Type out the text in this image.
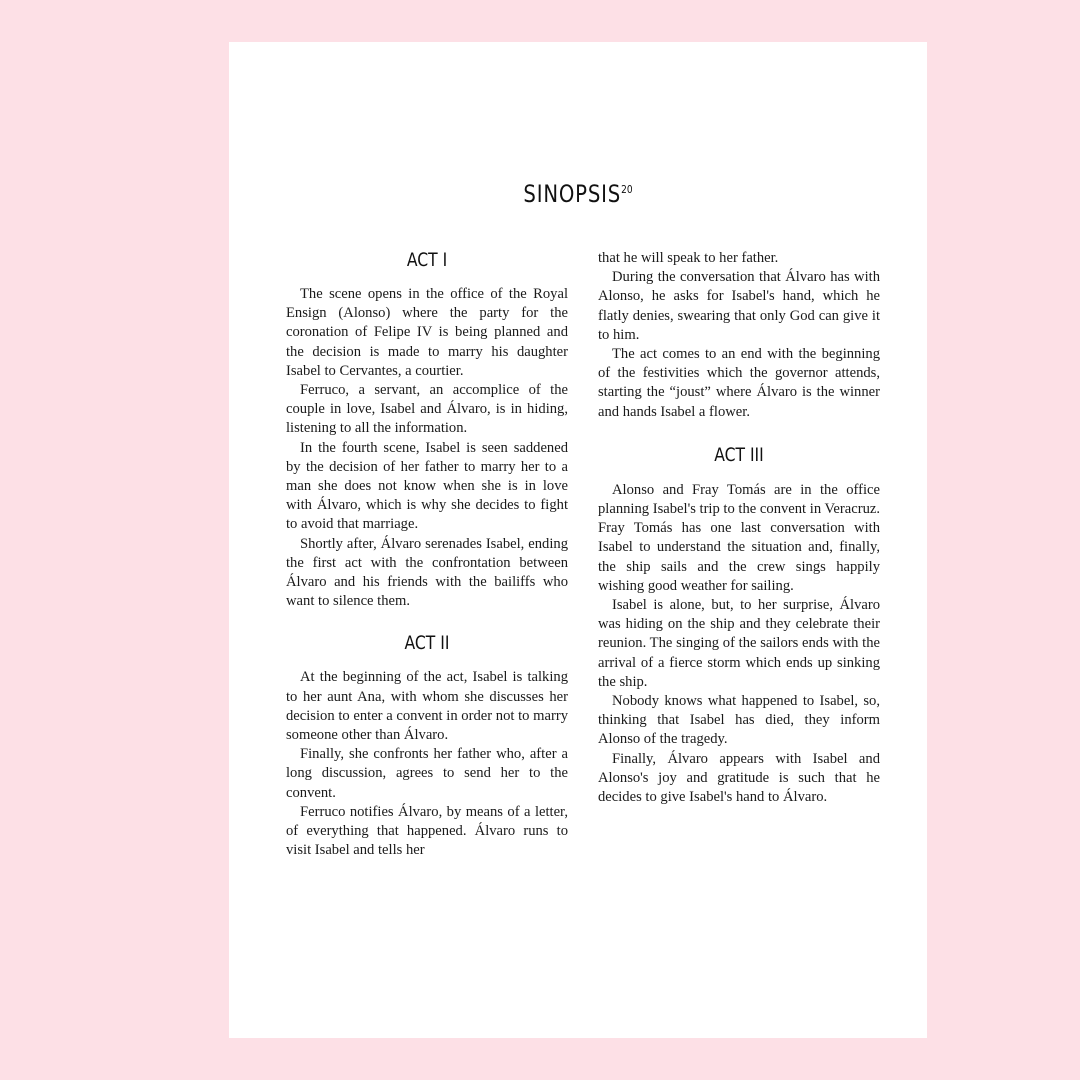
SINOPSIS$^{20}$
ACT I

The scene opens in the office of the Royal Ensign (Alonso) where the party for the coronation of Felipe IV is being planned and the decision is made to marry his daughter Isabel to Cervantes, a courtier.

Ferruco, a servant, an accomplice of the couple in love, Isabel and Álvaro, is in hiding, listening to all the information.

In the fourth scene, Isabel is seen saddened by the decision of her father to marry her to a man she does not know when she is in love with Álvaro, which is why she decides to fight to avoid that marriage.

Shortly after, Álvaro serenades Isabel, ending the first act with the confrontation between Álvaro and his friends with the bailiffs who want to silence them.

ACT II

At the beginning of the act, Isabel is talking to her aunt Ana, with whom she discusses her decision to enter a convent in order not to marry someone other than Álvaro.

Finally, she confronts her father who, after a long discussion, agrees to send her to the convent.

Ferruco notifies Álvaro, by means of a letter, of everything that happened. Álvaro runs to visit Isabel and tells her

that he will speak to her father.

During the conversation that Álvaro has with Alonso, he asks for Isabel's hand, which he flatly denies, swearing that only God can give it to him.

The act comes to an end with the beginning of the festivities which the governor attends, starting the “joust” where Álvaro is the winner and hands Isabel a flower.

ACT III

Alonso and Fray Tomás are in the office planning Isabel's trip to the convent in Veracruz. Fray Tomás has one last conversation with Isabel to understand the situation and, finally, the ship sails and the crew sings happily wishing good weather for sailing.

Isabel is alone, but, to her surprise, Álvaro was hiding on the ship and they celebrate their reunion. The singing of the sailors ends with the arrival of a fierce storm which ends up sinking the ship.

Nobody knows what happened to Isabel, so, thinking that Isabel has died, they inform Alonso of the tragedy.

Finally, Álvaro appears with Isabel and Alonso's joy and gratitude is such that he decides to give Isabel's hand to Álvaro.
